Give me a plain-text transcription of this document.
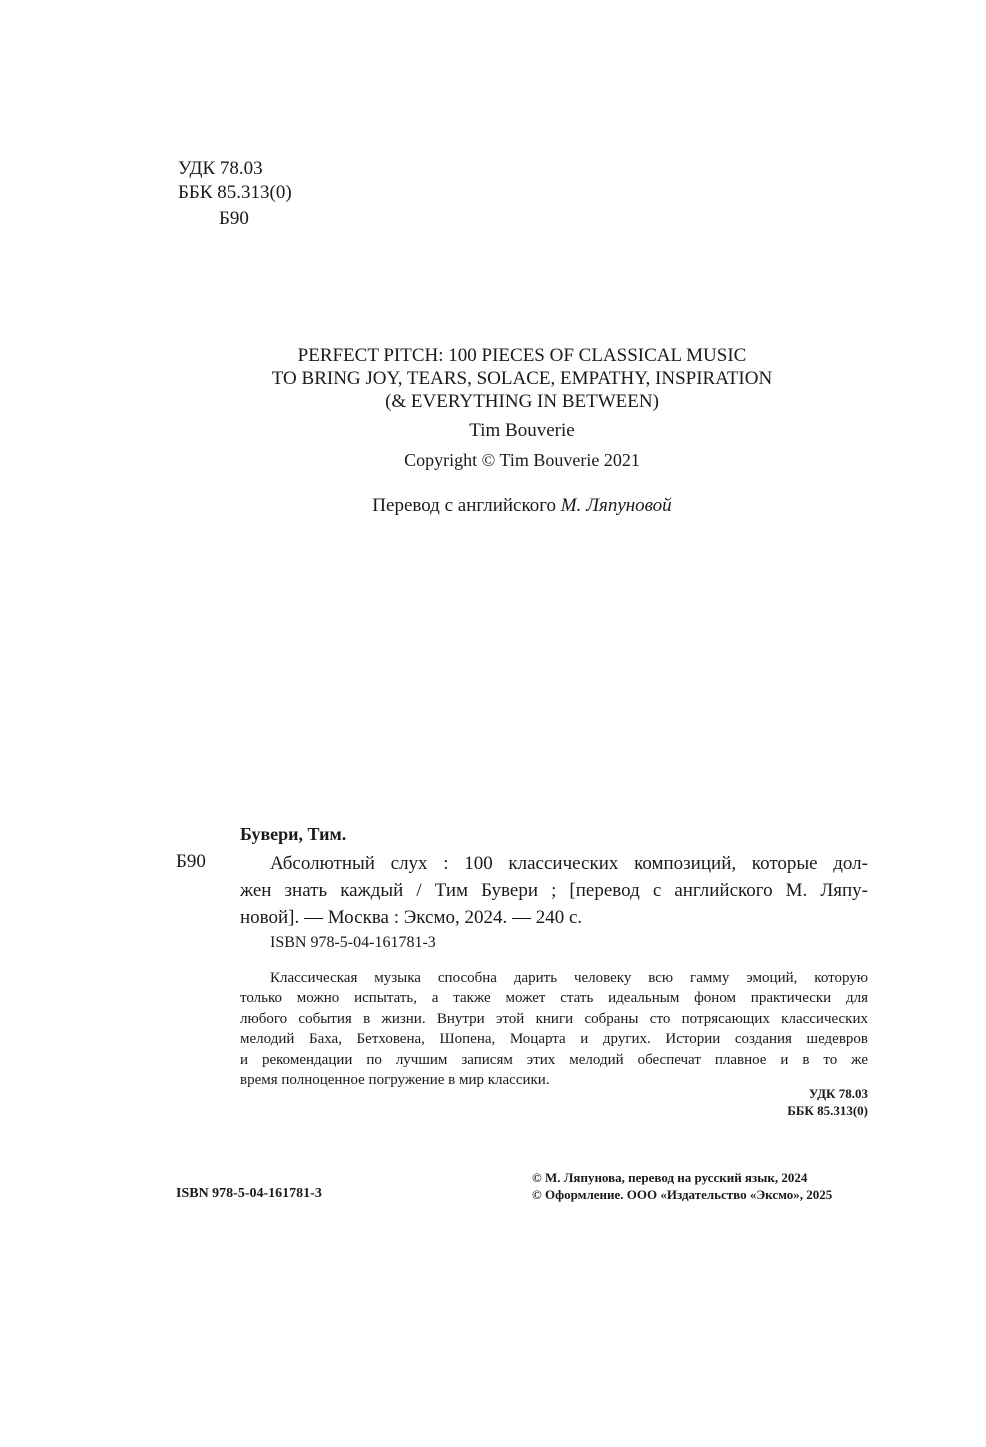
УДК 78.03
ББК 85.313(0)
Б90
PERFECT PITCH: 100 PIECES OF CLASSICAL MUSIC
TO BRING JOY, TEARS, SOLACE, EMPATHY, INSPIRATION
(& EVERYTHING IN BETWEEN)
Tim Bouverie
Copyright © Tim Bouverie 2021
Перевод с английского М. Ляпуновой
Бувери, Тим.
Б90	Абсолютный слух : 100 классических композиций, которые дол-
жен знать каждый / Тим Бувери ; [перевод с английского М. Ляпу-
новой]. — Москва : Эксмо, 2024. — 240 с.
ISBN 978-5-04-161781-3
Классическая музыка способна дарить человеку всю гамму эмоций, которую
только можно испытать, а также может стать идеальным фоном практически для
любого события в жизни. Внутри этой книги собраны сто потрясающих классических
мелодий Баха, Бетховена, Шопена, Моцарта и других. Истории создания шедевров
и рекомендации по лучшим записям этих мелодий обеспечат плавное и в то же
время полноценное погружение в мир классики.
УДК 78.03
ББК 85.313(0)
ISBN 978-5-04-161781-3
© М. Ляпунова, перевод на русский язык, 2024
© Оформление. ООО «Издательство «Эксмо», 2025
